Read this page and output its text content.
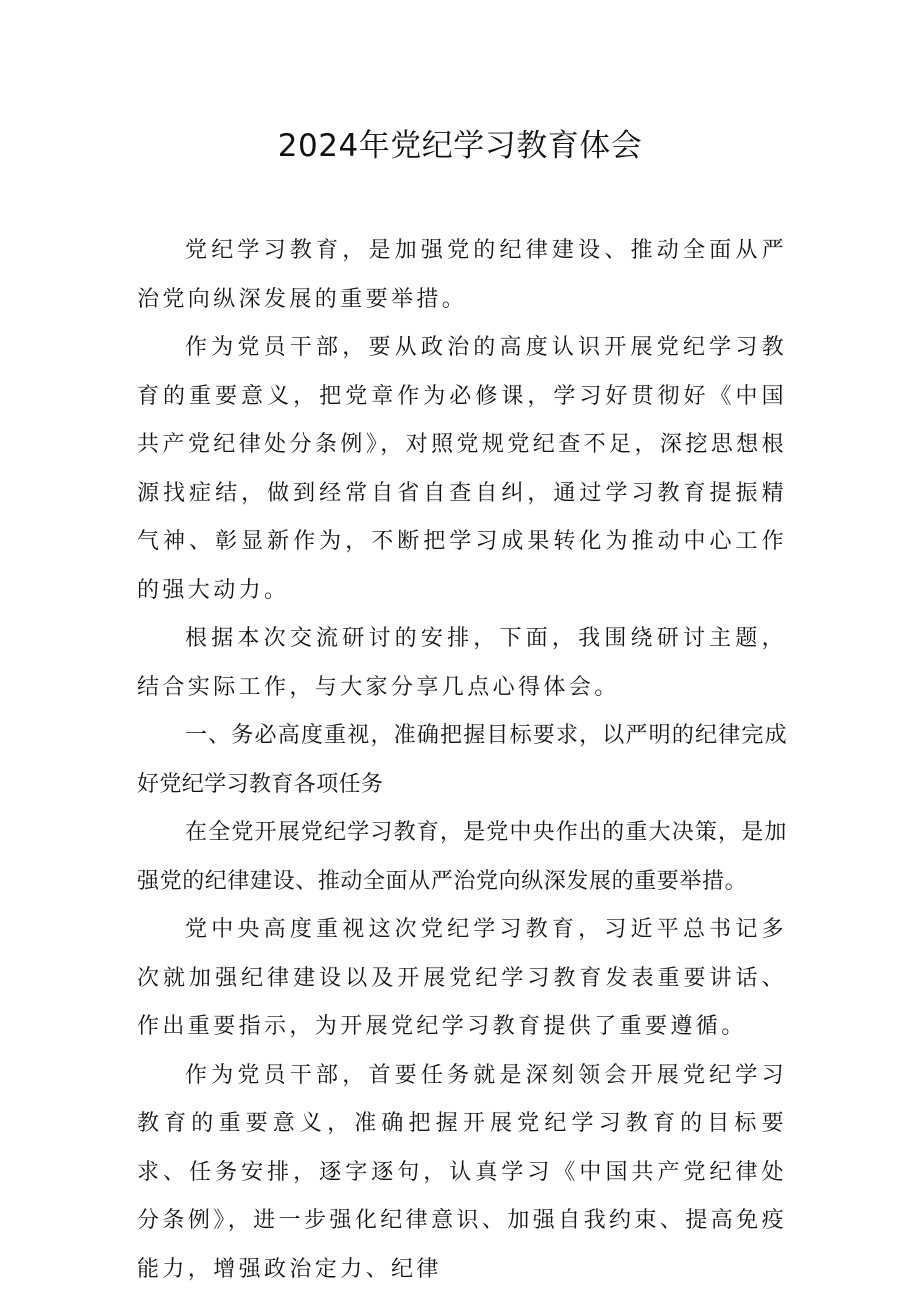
2024年党纪学习教育体会

党纪学习教育，是加强党的纪律建设、推动全面从严治党向纵深发展的重要举措。

作为党员干部，要从政治的高度认识开展党纪学习教育的重要意义，把党章作为必修课，学习好贯彻好《中国共产党纪律处分条例》，对照党规党纪查不足，深挖思想根源找症结，做到经常自省自查自纠，通过学习教育提振精气神、彰显新作为，不断把学习成果转化为推动中心工作的强大动力。

根据本次交流研讨的安排，下面，我围绕研讨主题，结合实际工作，与大家分享几点心得体会。

一、务必高度重视，准确把握目标要求，以严明的纪律完成好党纪学习教育各项任务

在全党开展党纪学习教育，是党中央作出的重大决策，是加强党的纪律建设、推动全面从严治党向纵深发展的重要举措。

党中央高度重视这次党纪学习教育，习近平总书记多次就加强纪律建设以及开展党纪学习教育发表重要讲话、作出重要指示，为开展党纪学习教育提供了重要遵循。

作为党员干部，首要任务就是深刻领会开展党纪学习教育的重要意义，准确把握开展党纪学习教育的目标要求、任务安排，逐字逐句，认真学习《中国共产党纪律处分条例》，进一步强化纪律意识、加强自我约束、提高免疫能力，增强政治定力、纪律
